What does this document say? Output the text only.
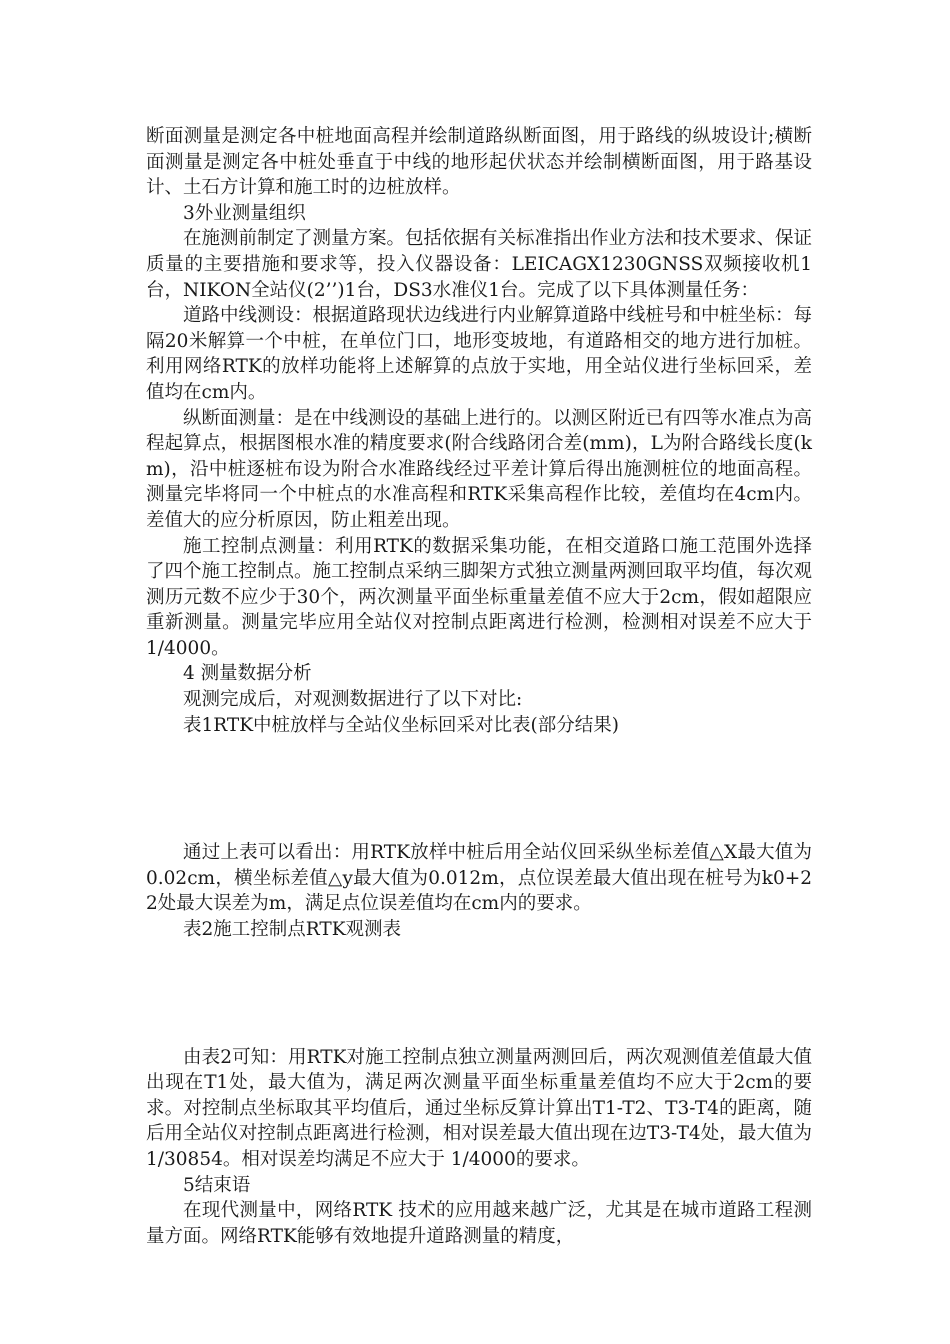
断面测量是测定各中桩地面高程并绘制道路纵断面图，用于路线的纵坡设计;横断面测量是测定各中桩处垂直于中线的地形起伏状态并绘制横断面图，用于路基设计、土石方计算和施工时的边桩放样。

3外业测量组织

在施测前制定了测量方案。包括依据有关标准指出作业方法和技术要求、保证质量的主要措施和要求等，投入仪器设备：LEICAGX1230GNSS双频接收机1台，NIKON全站仪(2’’)1台，DS3水准仪1台。完成了以下具体测量任务：

道路中线测设：根据道路现状边线进行内业解算道路中线桩号和中桩坐标：每隔20米解算一个中桩，在单位门口，地形变坡地，有道路相交的地方进行加桩。利用网络RTK的放样功能将上述解算的点放于实地，用全站仪进行坐标回采，差值均在cm内。

纵断面测量：是在中线测设的基础上进行的。以测区附近已有四等水准点为高程起算点，根据图根水准的精度要求(附合线路闭合差(mm)，L为附合路线长度(km)，沿中桩逐桩布设为附合水准路线经过平差计算后得出施测桩位的地面高程。测量完毕将同一个中桩点的水准高程和RTK采集高程作比较，差值均在4cm内。差值大的应分析原因，防止粗差出现。

施工控制点测量：利用RTK的数据采集功能，在相交道路口施工范围外选择了四个施工控制点。施工控制点采纳三脚架方式独立测量两测回取平均值，每次观测历元数不应少于30个，两次测量平面坐标重量差值不应大于2cm，假如超限应重新测量。测量完毕应用全站仪对控制点距离进行检测，检测相对误差不应大于 1/4000。

4 测量数据分析

观测完成后，对观测数据进行了以下对比:

表1RTK中桩放样与全站仪坐标回采对比表(部分结果)

通过上表可以看出：用RTK放样中桩后用全站仪回采纵坐标差值△X最大值为0.02cm，横坐标差值△y最大值为0.012m，点位误差最大值出现在桩号为k0+22处最大误差为m，满足点位误差值均在cm内的要求。

表2施工控制点RTK观测表

由表2可知：用RTK对施工控制点独立测量两测回后，两次观测值差值最大值出现在T1处，最大值为，满足两次测量平面坐标重量差值均不应大于2cm的要求。对控制点坐标取其平均值后，通过坐标反算计算出T1-T2、T3-T4的距离，随后用全站仪对控制点距离进行检测，相对误差最大值出现在边T3-T4处，最大值为1/30854。相对误差均满足不应大于 1/4000的要求。

5结束语

在现代测量中，网络RTK 技术的应用越来越广泛，尤其是在城市道路工程测量方面。网络RTK能够有效地提升道路测量的精度，
